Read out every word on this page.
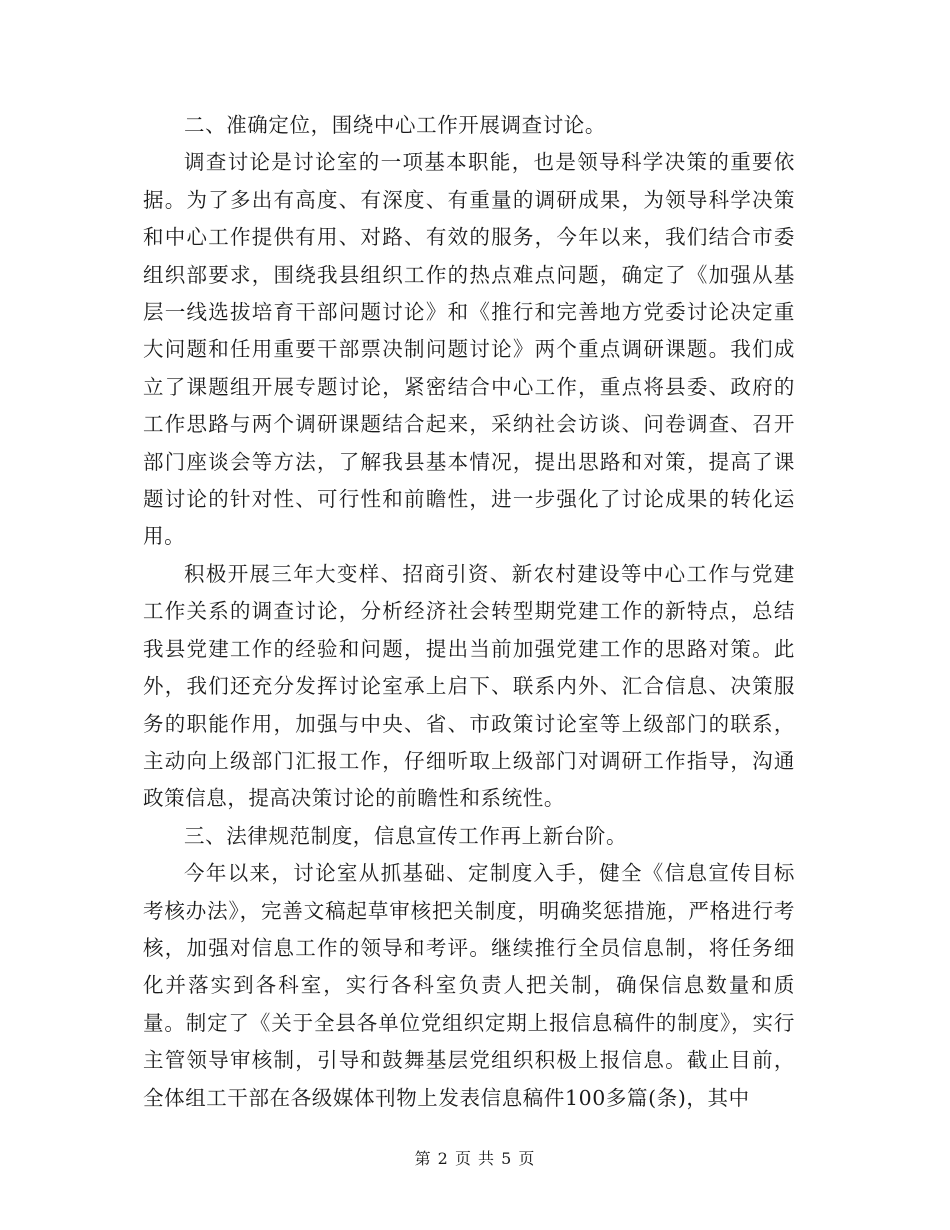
二、准确定位，围绕中心工作开展调查讨论。

调查讨论是讨论室的一项基本职能，也是领导科学决策的重要依据。为了多出有高度、有深度、有重量的调研成果，为领导科学决策和中心工作提供有用、对路、有效的服务，今年以来，我们结合市委组织部要求，围绕我县组织工作的热点难点问题，确定了《加强从基层一线选拔培育干部问题讨论》和《推行和完善地方党委讨论决定重大问题和任用重要干部票决制问题讨论》两个重点调研课题。我们成立了课题组开展专题讨论，紧密结合中心工作，重点将县委、政府的工作思路与两个调研课题结合起来，采纳社会访谈、问卷调查、召开部门座谈会等方法，了解我县基本情况，提出思路和对策，提高了课题讨论的针对性、可行性和前瞻性，进一步强化了讨论成果的转化运用。

积极开展三年大变样、招商引资、新农村建设等中心工作与党建工作关系的调查讨论，分析经济社会转型期党建工作的新特点，总结我县党建工作的经验和问题，提出当前加强党建工作的思路对策。此外，我们还充分发挥讨论室承上启下、联系内外、汇合信息、决策服务的职能作用，加强与中央、省、市政策讨论室等上级部门的联系，主动向上级部门汇报工作，仔细听取上级部门对调研工作指导，沟通政策信息，提高决策讨论的前瞻性和系统性。

三、法律规范制度，信息宣传工作再上新台阶。

今年以来，讨论室从抓基础、定制度入手，健全《信息宣传目标考核办法》，完善文稿起草审核把关制度，明确奖惩措施，严格进行考核，加强对信息工作的领导和考评。继续推行全员信息制，将任务细化并落实到各科室，实行各科室负责人把关制，确保信息数量和质量。制定了《关于全县各单位党组织定期上报信息稿件的制度》，实行主管领导审核制，引导和鼓舞基层党组织积极上报信息。截止目前，全体组工干部在各级媒体刊物上发表信息稿件100多篇(条)，其中

第 2 页 共 5 页
